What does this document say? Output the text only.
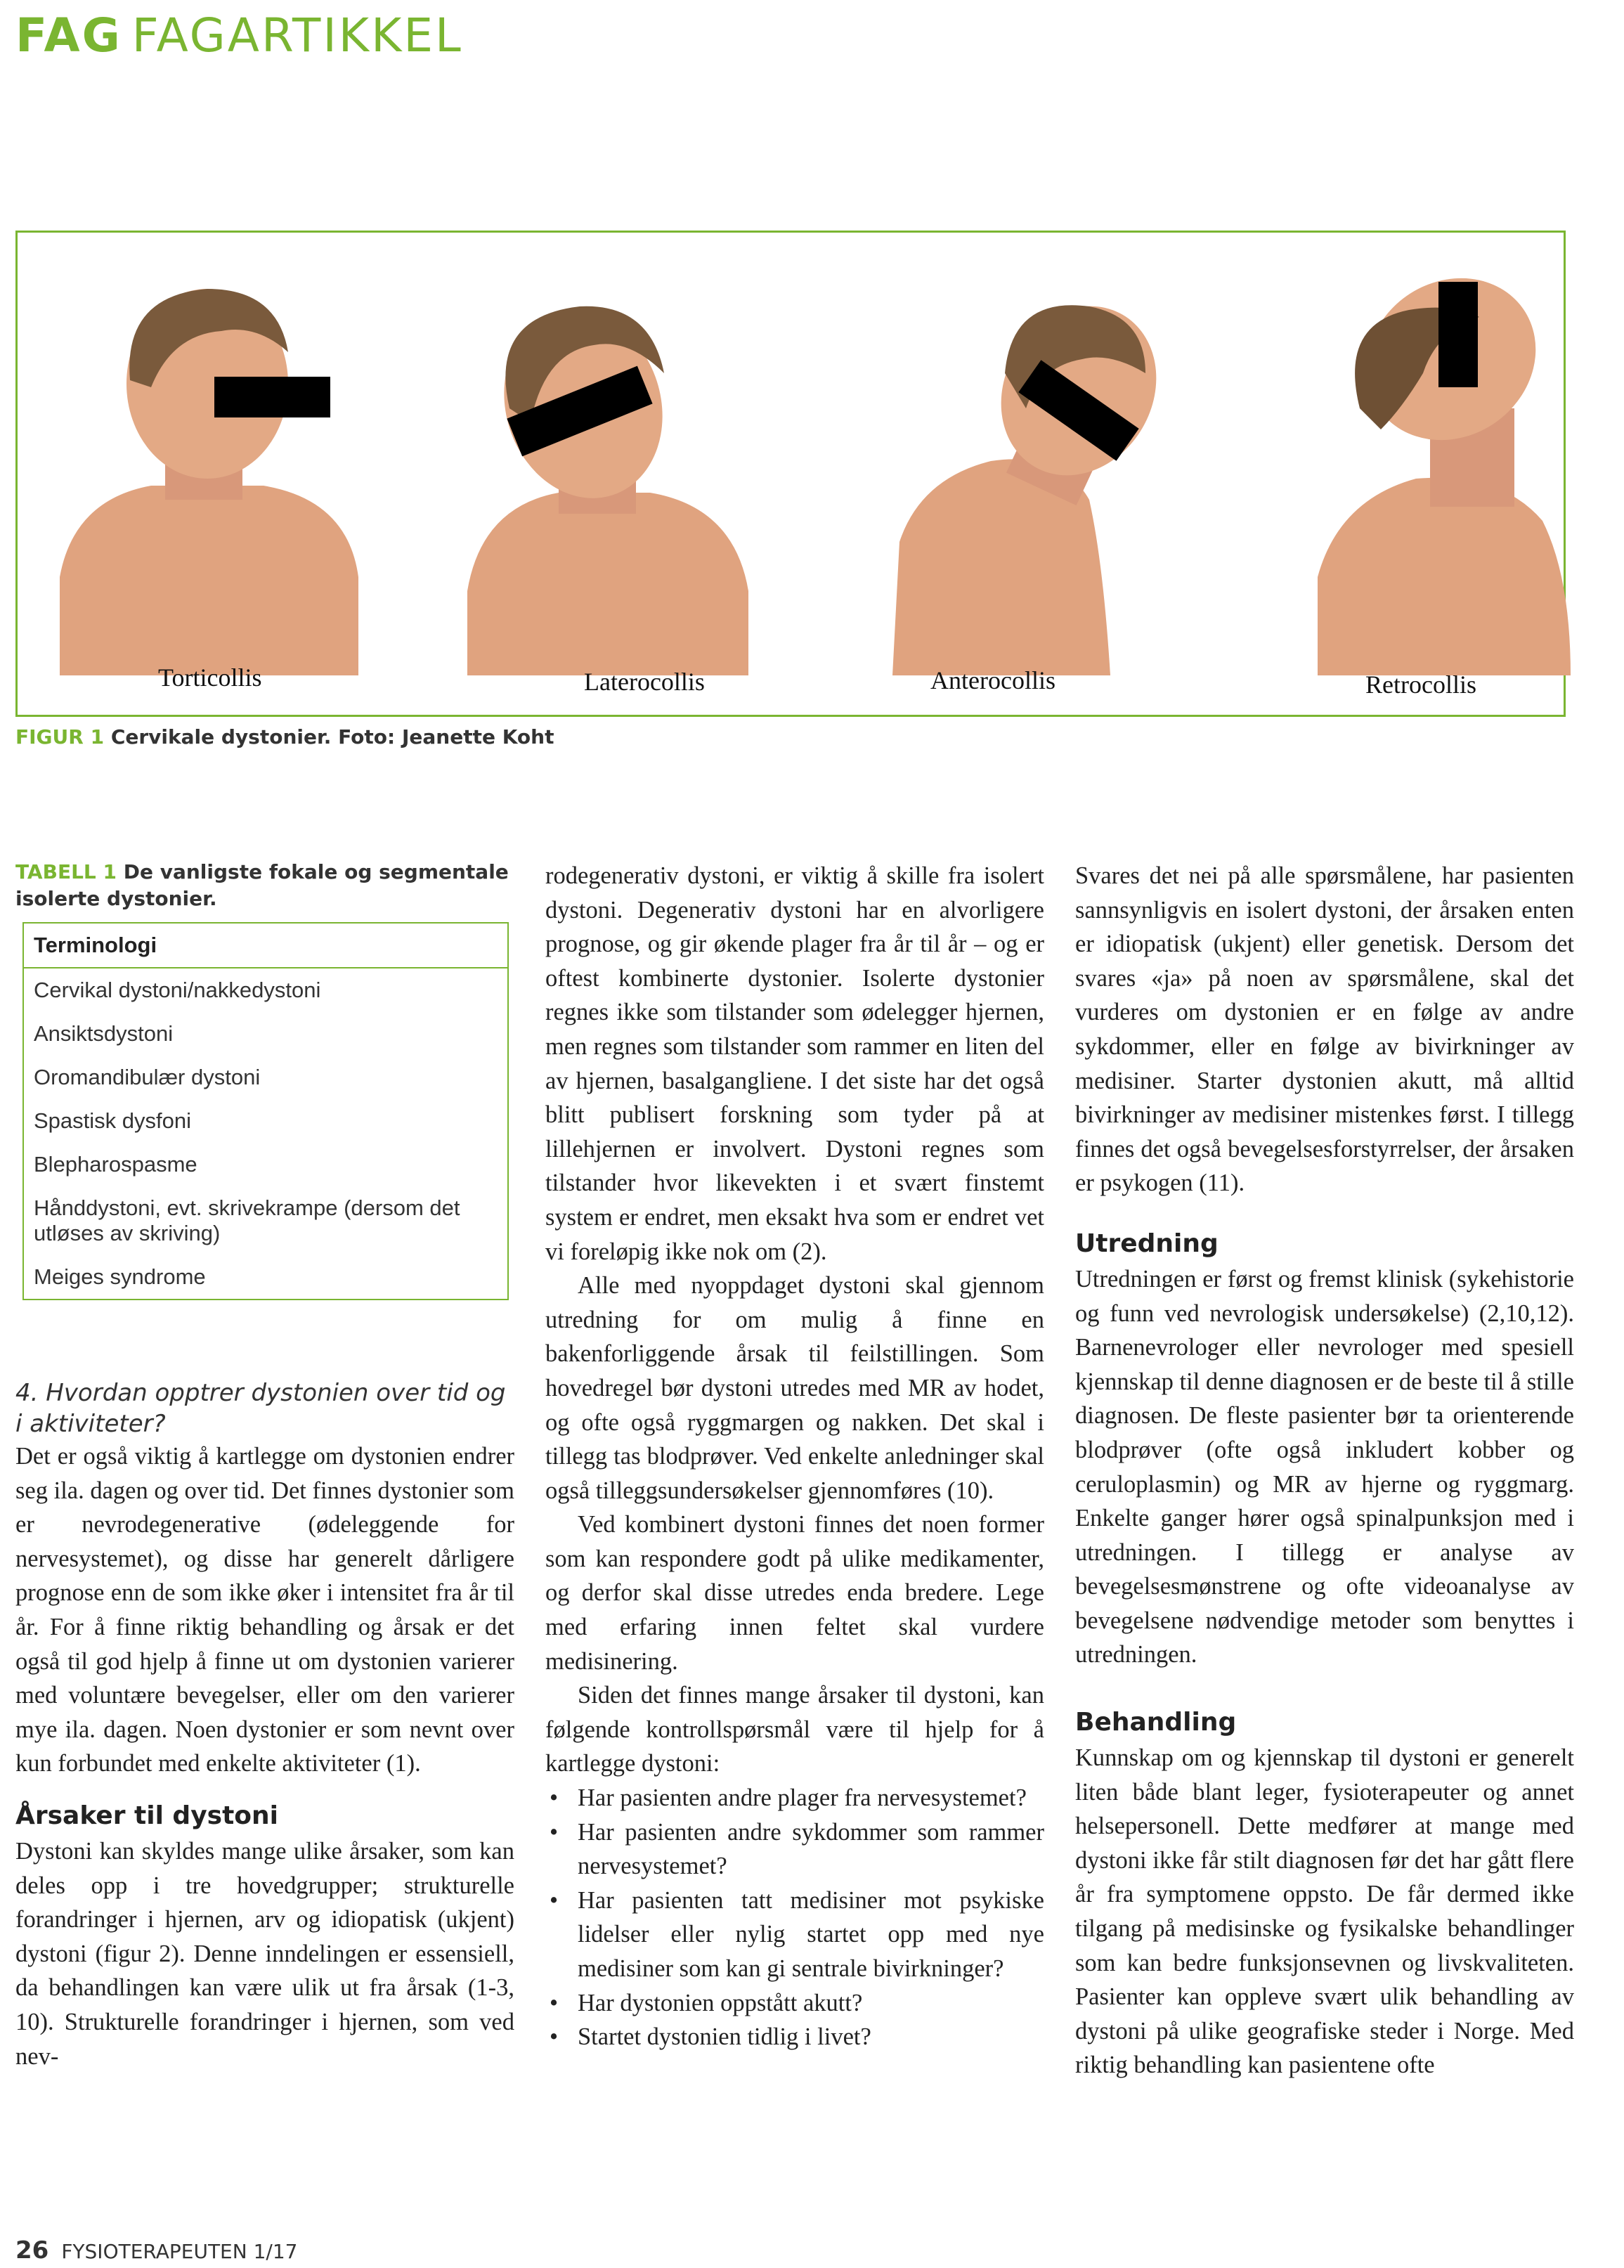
FAG FAGARTIKKEL
Torticollis	Laterocollis	Anterocollis	Retrocollis
FIGUR 1 Cervikale dystonier. Foto: Jeanette Koht
TABELL 1 De vanligste fokale og segmentale isolerte dystonier.
Terminologi
Cervikal dystoni/nakkedystoni
Ansiktsdystoni
Oromandibulær dystoni
Spastisk dysfoni
Blepharospasme
Hånddystoni, evt. skrivekrampe (dersom det utløses av skriving)
Meiges syndrome
4. Hvordan opptrer dystonien over tid og i aktiviteter?

Det er også viktig å kartlegge om dystonien endrer seg ila. dagen og over tid. Det finnes dystonier som er nevrodegenerative (ødeleggende for nervesystemet), og disse har generelt dårligere prognose enn de som ikke øker i intensitet fra år til år. For å finne riktig behandling og årsak er det også til god hjelp å finne ut om dystonien varierer med voluntære bevegelser, eller om den varierer mye ila. dagen. Noen dystonier er som nevnt over kun forbundet med enkelte aktiviteter (1).

Årsaker til dystoni

Dystoni kan skyldes mange ulike årsaker, som kan deles opp i tre hovedgrupper; strukturelle forandringer i hjernen, arv og idiopatisk (ukjent) dystoni (figur 2). Denne inndelingen er essensiell, da behandlingen kan være ulik ut fra årsak (1-3, 10). Strukturelle forandringer i hjernen, som ved nev-

rodegenerativ dystoni, er viktig å skille fra isolert dystoni. Degenerativ dystoni har en alvorligere prognose, og gir økende plager fra år til år – og er oftest kombinerte dystonier. Isolerte dystonier regnes ikke som tilstander som ødelegger hjernen, men regnes som tilstander som rammer en liten del av hjernen, basalgangliene. I det siste har det også blitt publisert forskning som tyder på at lillehjernen er involvert. Dystoni regnes som tilstander hvor likevekten i et svært finstemt system er endret, men eksakt hva som er endret vet vi foreløpig ikke nok om (2).

Alle med nyoppdaget dystoni skal gjennom utredning for om mulig å finne en bakenforliggende årsak til feilstillingen. Som hovedregel bør dystoni utredes med MR av hodet, og ofte også ryggmargen og nakken. Det skal i tillegg tas blodprøver. Ved enkelte anledninger skal også tilleggsundersøkelser gjennomføres (10).

Ved kombinert dystoni finnes det noen former som kan respondere godt på ulike medikamenter, og derfor skal disse utredes enda bredere. Lege med erfaring innen feltet skal vurdere medisinering.

Siden det finnes mange årsaker til dystoni, kan følgende kontrollspørsmål være til hjelp for å kartlegge dystoni:

• Har pasienten andre plager fra nervesystemet?
• Har pasienten andre sykdommer som rammer nervesystemet?
• Har pasienten tatt medisiner mot psykiske lidelser eller nylig startet opp med nye medisiner som kan gi sentrale bivirkninger?
• Har dystonien oppstått akutt?
• Startet dystonien tidlig i livet?

Svares det nei på alle spørsmålene, har pasienten sannsynligvis en isolert dystoni, der årsaken enten er idiopatisk (ukjent) eller genetisk. Dersom det svares «ja» på noen av spørsmålene, skal det vurderes om dystonien er en følge av andre sykdommer, eller en følge av bivirkninger av medisiner. Starter dystonien akutt, må alltid bivirkninger av medisiner mistenkes først. I tillegg finnes det også bevegelsesforstyrrelser, der årsaken er psykogen (11).

Utredning

Utredningen er først og fremst klinisk (sykehistorie og funn ved nevrologisk undersøkelse) (2,10,12). Barnenevrologer eller nevrologer med spesiell kjennskap til denne diagnosen er de beste til å stille diagnosen. De fleste pasienter bør ta orienterende blodprøver (ofte også inkludert kobber og ceruloplasmin) og MR av hjerne og ryggmarg. Enkelte ganger hører også spinalpunksjon med i utredningen. I tillegg er analyse av bevegelsesmønstrene og ofte videoanalyse av bevegelsene nødvendige metoder som benyttes i utredningen.

Behandling

Kunnskap om og kjennskap til dystoni er generelt liten både blant leger, fysioterapeuter og annet helsepersonell. Dette medfører at mange med dystoni ikke får stilt diagnosen før det har gått flere år fra symptomene oppsto. De får dermed ikke tilgang på medisinske og fysikalske behandlinger som kan bedre funksjonsevnen og livskvaliteten. Pasienter kan oppleve svært ulik behandling av dystoni på ulike geografiske steder i Norge. Med riktig behandling kan pasientene ofte

26 FYSIOTERAPEUTEN 1/17
